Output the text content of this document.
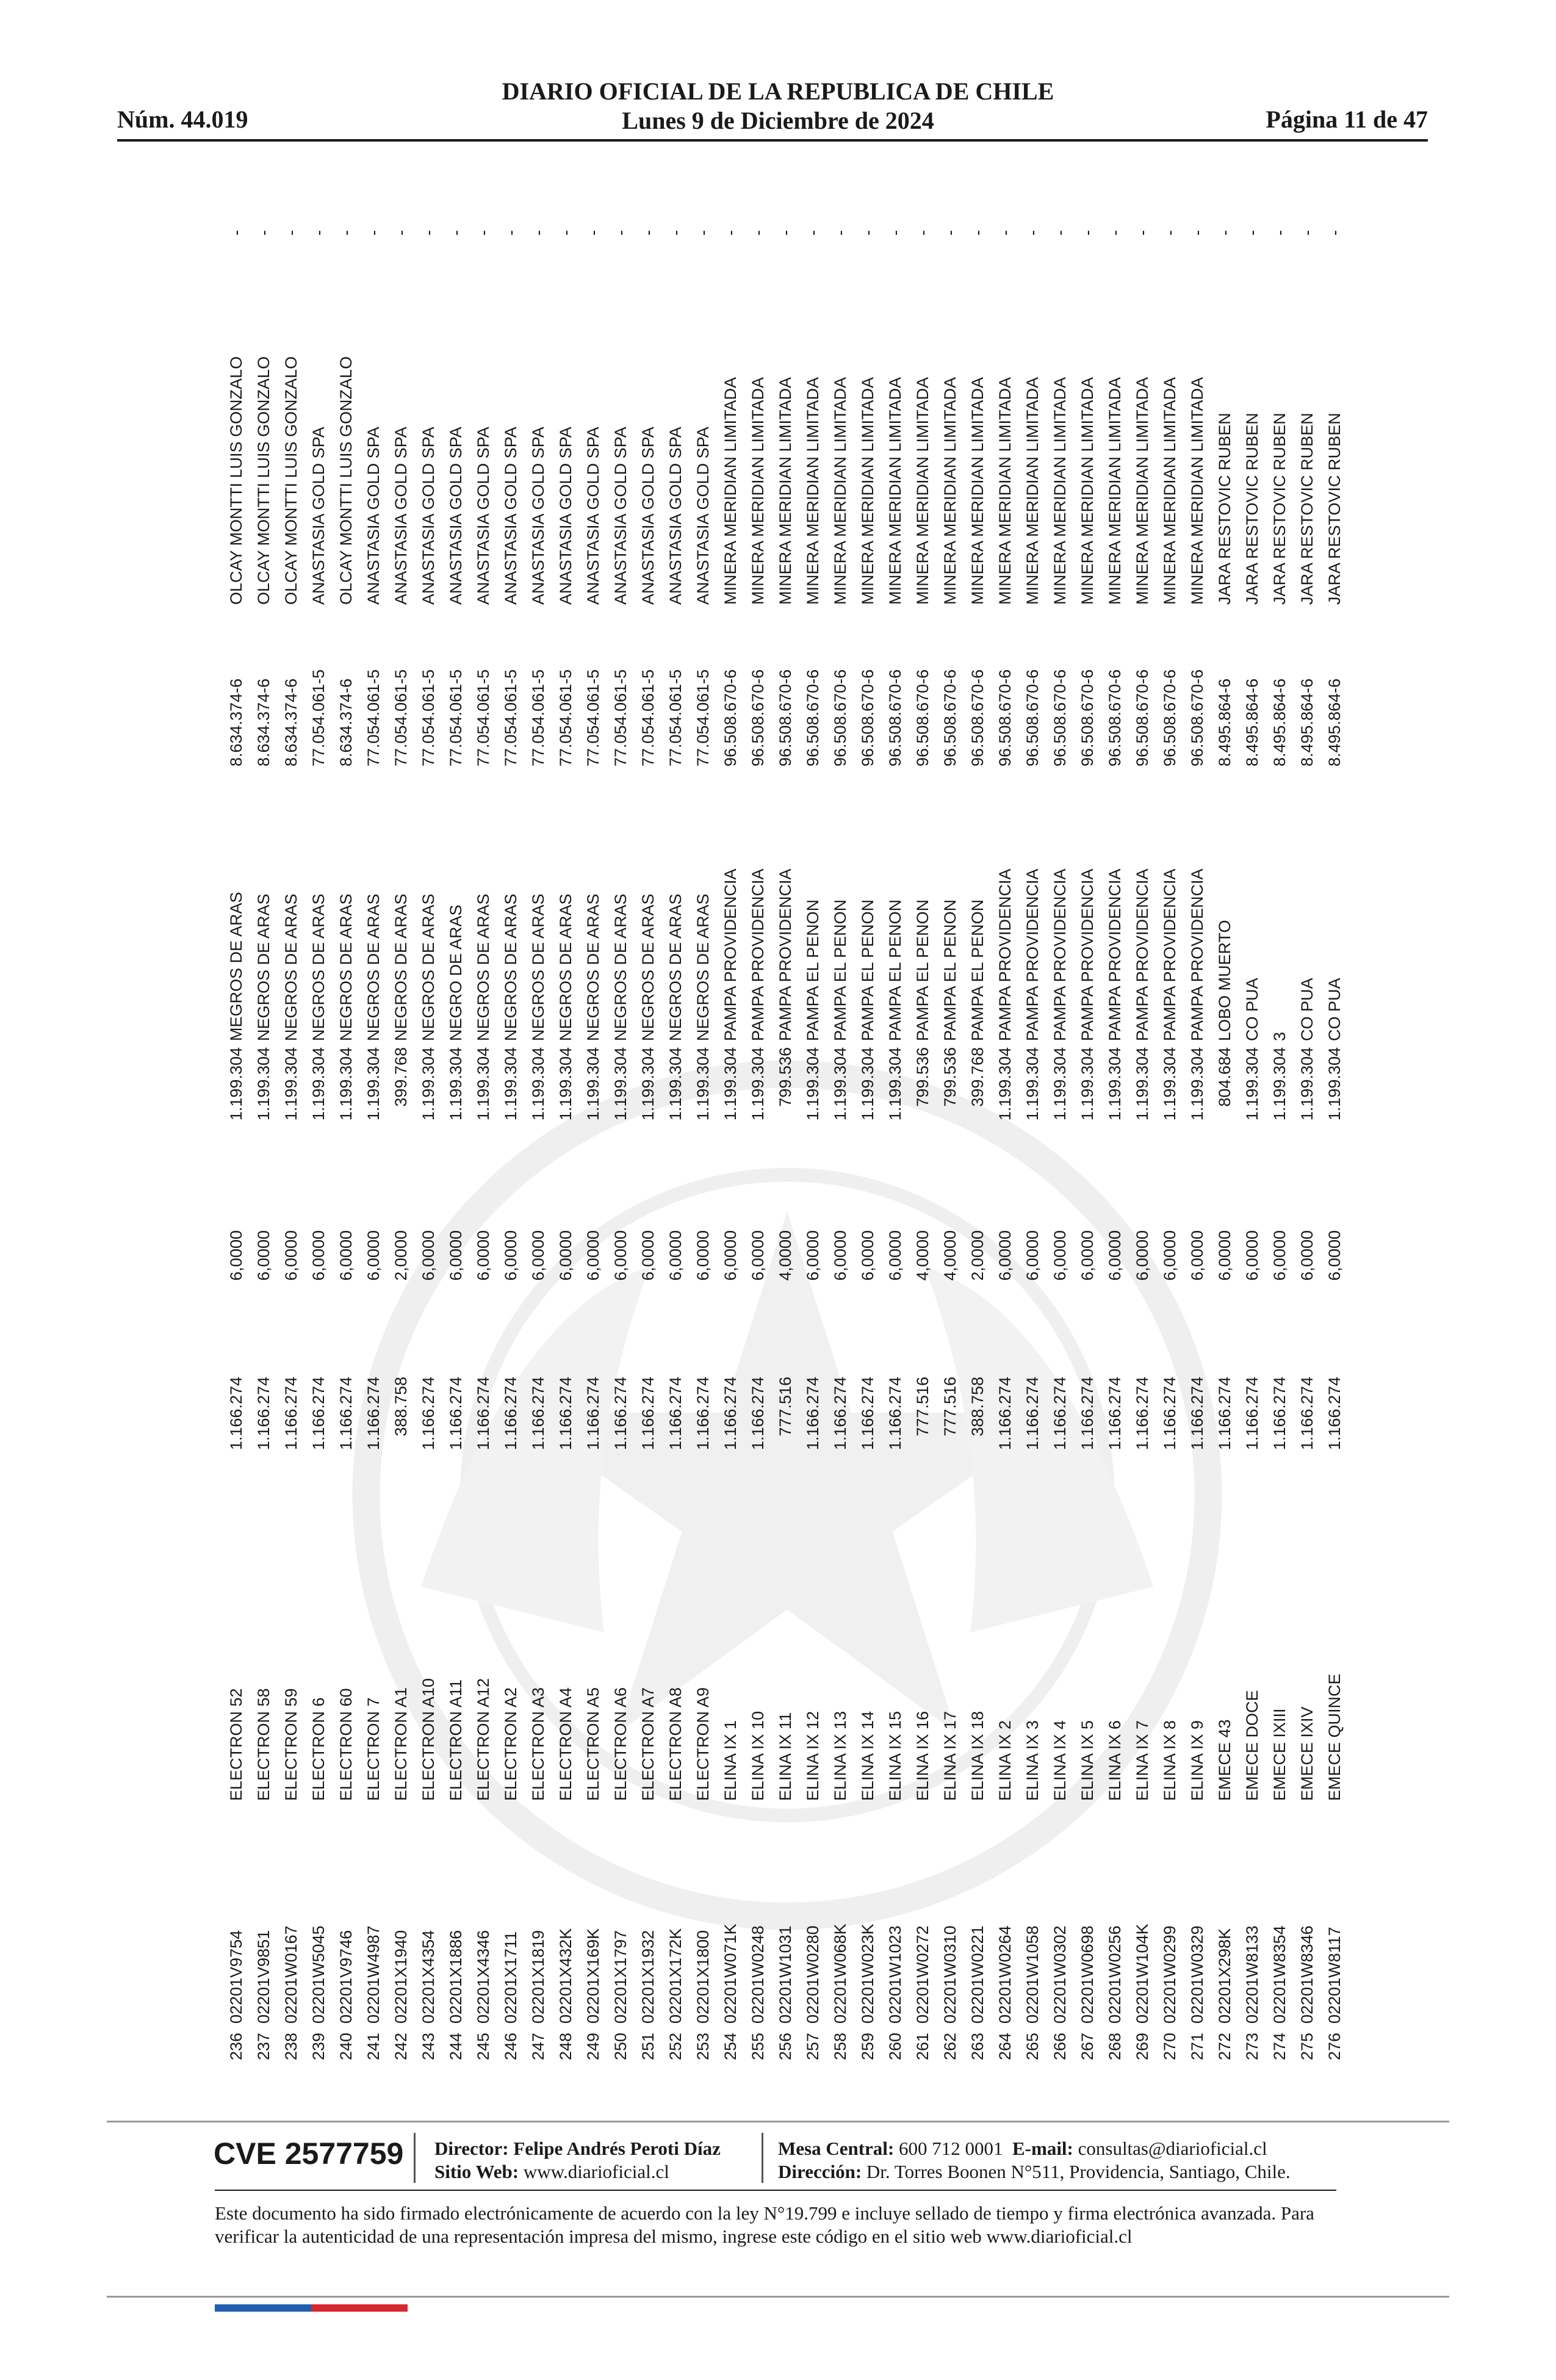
Núm. 44.019
DIARIO OFICIAL DE LA REPUBLICA DE CHILE
Lunes 9 de Diciembre de 2024	Página 11 de 47
236
02201V9754
ELECTRON 52
1.166.274
6,0000
1.199.304
MEGROS DE ARAS
8.634.374-6
OLCAY MONTTI LUIS GONZALO
-
237
02201V9851
ELECTRON 58
1.166.274
6,0000
1.199.304
NEGROS DE ARAS
8.634.374-6
OLCAY MONTTI LUIS GONZALO
-
238
02201W0167
ELECTRON 59
1.166.274
6,0000
1.199.304
NEGROS DE ARAS
8.634.374-6
OLCAY MONTTI LUIS GONZALO
-
239
02201W5045
ELECTRON 6
1.166.274
6,0000
1.199.304
NEGROS DE ARAS
77.054.061-5
ANASTASIA GOLD SPA
-
240
02201V9746
ELECTRON 60
1.166.274
6,0000
1.199.304
NEGROS DE ARAS
8.634.374-6
OLCAY MONTTI LUIS GONZALO
-
241
02201W4987
ELECTRON 7
1.166.274
6,0000
1.199.304
NEGROS DE ARAS
77.054.061-5
ANASTASIA GOLD SPA
-
242
02201X1940
ELECTRON A1
388.758
2,0000
399.768
NEGROS DE ARAS
77.054.061-5
ANASTASIA GOLD SPA
-
243
02201X4354
ELECTRON A10
1.166.274
6,0000
1.199.304
NEGROS DE ARAS
77.054.061-5
ANASTASIA GOLD SPA
-
244
02201X1886
ELECTRON A11
1.166.274
6,0000
1.199.304
NEGRO DE ARAS
77.054.061-5
ANASTASIA GOLD SPA
-
245
02201X4346
ELECTRON A12
1.166.274
6,0000
1.199.304
NEGROS DE ARAS
77.054.061-5
ANASTASIA GOLD SPA
-
246
02201X1711
ELECTRON A2
1.166.274
6,0000
1.199.304
NEGROS DE ARAS
77.054.061-5
ANASTASIA GOLD SPA
-
247
02201X1819
ELECTRON A3
1.166.274
6,0000
1.199.304
NEGROS DE ARAS
77.054.061-5
ANASTASIA GOLD SPA
-
248
02201X432K
ELECTRON A4
1.166.274
6,0000
1.199.304
NEGROS DE ARAS
77.054.061-5
ANASTASIA GOLD SPA
-
249
02201X169K
ELECTRON A5
1.166.274
6,0000
1.199.304
NEGROS DE ARAS
77.054.061-5
ANASTASIA GOLD SPA
-
250
02201X1797
ELECTRON A6
1.166.274
6,0000
1.199.304
NEGROS DE ARAS
77.054.061-5
ANASTASIA GOLD SPA
-
251
02201X1932
ELECTRON A7
1.166.274
6,0000
1.199.304
NEGROS DE ARAS
77.054.061-5
ANASTASIA GOLD SPA
-
252
02201X172K
ELECTRON A8
1.166.274
6,0000
1.199.304
NEGROS DE ARAS
77.054.061-5
ANASTASIA GOLD SPA
-
253
02201X1800
ELECTRON A9
1.166.274
6,0000
1.199.304
NEGROS DE ARAS
77.054.061-5
ANASTASIA GOLD SPA
-
254
02201W071K
ELINA IX 1
1.166.274
6,0000
1.199.304
PAMPA PROVIDENCIA
96.508.670-6
MINERA MERIDIAN LIMITADA
-
255
02201W0248
ELINA IX 10
1.166.274
6,0000
1.199.304
PAMPA PROVIDENCIA
96.508.670-6
MINERA MERIDIAN LIMITADA
-
256
02201W1031
ELINA IX 11
777.516
4,0000
799.536
PAMPA PROVIDENCIA
96.508.670-6
MINERA MERIDIAN LIMITADA
-
257
02201W0280
ELINA IX 12
1.166.274
6,0000
1.199.304
PAMPA EL PENON
96.508.670-6
MINERA MERIDIAN LIMITADA
-
258
02201W068K
ELINA IX 13
1.166.274
6,0000
1.199.304
PAMPA EL PENON
96.508.670-6
MINERA MERIDIAN LIMITADA
-
259
02201W023K
ELINA IX 14
1.166.274
6,0000
1.199.304
PAMPA EL PENON
96.508.670-6
MINERA MERIDIAN LIMITADA
-
260
02201W1023
ELINA IX 15
1.166.274
6,0000
1.199.304
PAMPA EL PENON
96.508.670-6
MINERA MERIDIAN LIMITADA
-
261
02201W0272
ELINA IX 16
777.516
4,0000
799.536
PAMPA EL PENON
96.508.670-6
MINERA MERIDIAN LIMITADA
-
262
02201W0310
ELINA IX 17
777.516
4,0000
799.536
PAMPA EL PENON
96.508.670-6
MINERA MERIDIAN LIMITADA
-
263
02201W0221
ELINA IX 18
388.758
2,0000
399.768
PAMPA EL PENON
96.508.670-6
MINERA MERIDIAN LIMITADA
-
264
02201W0264
ELINA IX 2
1.166.274
6,0000
1.199.304
PAMPA PROVIDENCIA
96.508.670-6
MINERA MERIDIAN LIMITADA
-
265
02201W1058
ELINA IX 3
1.166.274
6,0000
1.199.304
PAMPA PROVIDENCIA
96.508.670-6
MINERA MERIDIAN LIMITADA
-
266
02201W0302
ELINA IX 4
1.166.274
6,0000
1.199.304
PAMPA PROVIDENCIA
96.508.670-6
MINERA MERIDIAN LIMITADA
-
267
02201W0698
ELINA IX 5
1.166.274
6,0000
1.199.304
PAMPA PROVIDENCIA
96.508.670-6
MINERA MERIDIAN LIMITADA
-
268
02201W0256
ELINA IX 6
1.166.274
6,0000
1.199.304
PAMPA PROVIDENCIA
96.508.670-6
MINERA MERIDIAN LIMITADA
-
269
02201W104K
ELINA IX 7
1.166.274
6,0000
1.199.304
PAMPA PROVIDENCIA
96.508.670-6
MINERA MERIDIAN LIMITADA
-
270
02201W0299
ELINA IX 8
1.166.274
6,0000
1.199.304
PAMPA PROVIDENCIA
96.508.670-6
MINERA MERIDIAN LIMITADA
-
271
02201W0329
ELINA IX 9
1.166.274
6,0000
1.199.304
PAMPA PROVIDENCIA
96.508.670-6
MINERA MERIDIAN LIMITADA
-
272
02201X298K
EMECE 43
1.166.274
6,0000
804.684
LOBO MUERTO
8.495.864-6
JARA RESTOVIC RUBEN
-
273
02201W8133
EMECE DOCE
1.166.274
6,0000
1.199.304
CO PUA
8.495.864-6
JARA RESTOVIC RUBEN
-
274
02201W8354
EMECE IXIII
1.166.274
6,0000
1.199.304
3
8.495.864-6
JARA RESTOVIC RUBEN
-
275
02201W8346
EMECE IXIV
1.166.274
6,0000
1.199.304
CO PUA
8.495.864-6
JARA RESTOVIC RUBEN
-
276
02201W8117
EMECE QUINCE
1.166.274
6,0000
1.199.304
CO PUA
8.495.864-6
JARA RESTOVIC RUBEN
-
CVE 2577759 Director: Felipe Andrés Peroti Díaz
Sitio Web: www.diarioficial.cl
Mesa Central: 600 712 0001 E-mail: consultas@diarioficial.cl
Dirección: Dr. Torres Boonen N°511, Providencia, Santiago, Chile.
Este documento ha sido firmado electrónicamente de acuerdo con la ley N°19.799 e incluye sellado de tiempo y firma electrónica avanzada. Para verificar la autenticidad de una representación impresa del mismo, ingrese este código en el sitio web www.diarioficial.cl
